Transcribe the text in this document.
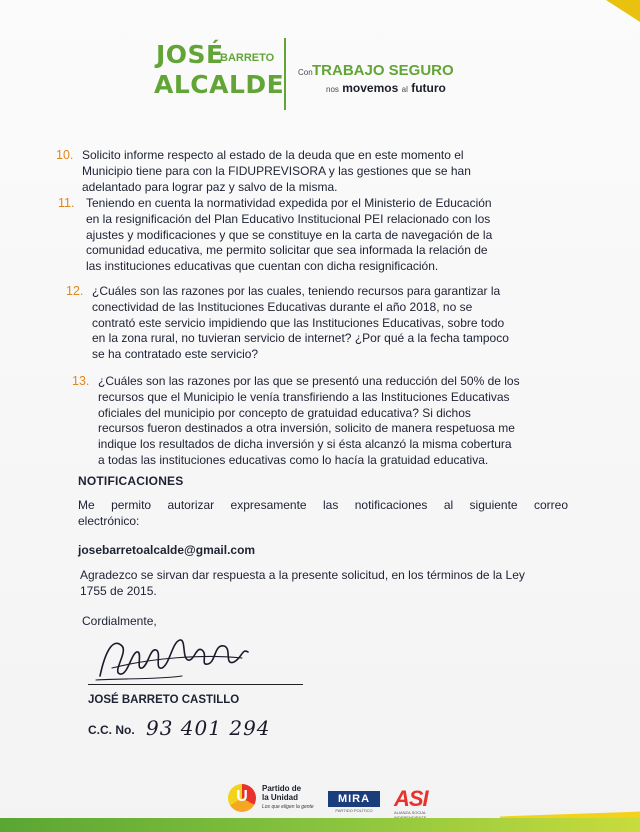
JOSÉ
BARRETO
ALCALDE Con TRABAJO SEGURO
nos movemos al futuro
10. Solicito informe respecto al estado de la deuda que en este momento el
Municipio tiene para con la FIDUPREVISORA y las gestiones que se han
adelantado para lograr paz y salvo de la misma.
11. Teniendo en cuenta la normatividad expedida por el Ministerio de Educación
en la resignificación del Plan Educativo Institucional PEI relacionado con los
ajustes y modificaciones y que se constituye en la carta de navegación de la
comunidad educativa, me permito solicitar que sea informada la relación de
las instituciones educativas que cuentan con dicha resignificación.
12. ¿Cuáles son las razones por las cuales, teniendo recursos para garantizar la
conectividad de las Instituciones Educativas durante el año 2018, no se
contrató este servicio impidiendo que las Instituciones Educativas, sobre todo
en la zona rural, no tuvieran servicio de internet? ¿Por qué a la fecha tampoco
se ha contratado este servicio?
13. ¿Cuáles son las razones por las que se presentó una reducción del 50% de los
recursos que el Municipio le venía transfiriendo a las Instituciones Educativas
oficiales del municipio por concepto de gratuidad educativa? Si dichos
recursos fueron destinados a otra inversión, solicito de manera respetuosa me
indique los resultados de dicha inversión y si ésta alcanzó la misma cobertura
a todas las instituciones educativas como lo hacía la gratuidad educativa.
NOTIFICACIONES
Me permito autorizar expresamente las notificaciones al siguiente correo
electrónico:
josebarretoalcalde@gmail.com
Agradezco se sirvan dar respuesta a la presente solicitud, en los términos de la Ley
1755 de 2015.
Cordialmente,
JOSÉ BARRETO CASTILLO
C.C. No. 93 401 294
U Partido de
la Unidad
Los que eligen la gente
MIRA
PARTIDO POLÍTICO ASI
ALIANZA SOCIAL
